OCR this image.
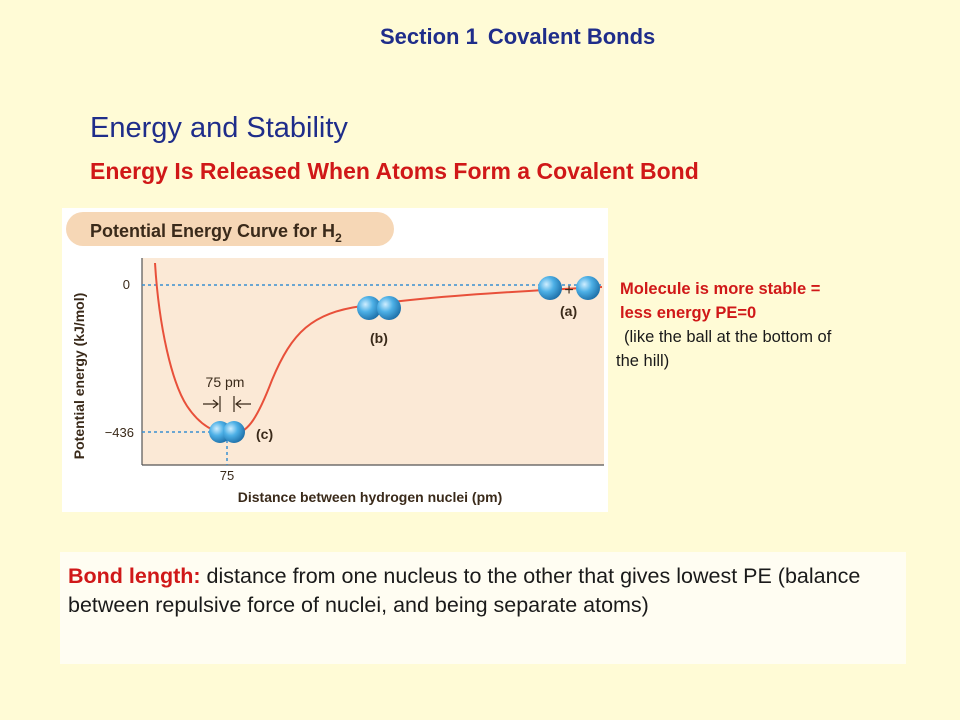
Section 1 Covalent Bonds
Energy and Stability
Energy Is Released When Atoms Form a Covalent Bond
Potential Energy Curve for $H_2$
Potential energy (kJ/mol)
Distance between hydrogen nuclei (pm)
0
−436
75
75 pm
(c)
(b)
+
(a)
Molecule is more stable =
less energy PE=0
(like the ball at the bottom of
the hill)
Bond length: distance from one nucleus to the other that gives lowest PE (balance between repulsive force of nuclei, and being separate atoms)
